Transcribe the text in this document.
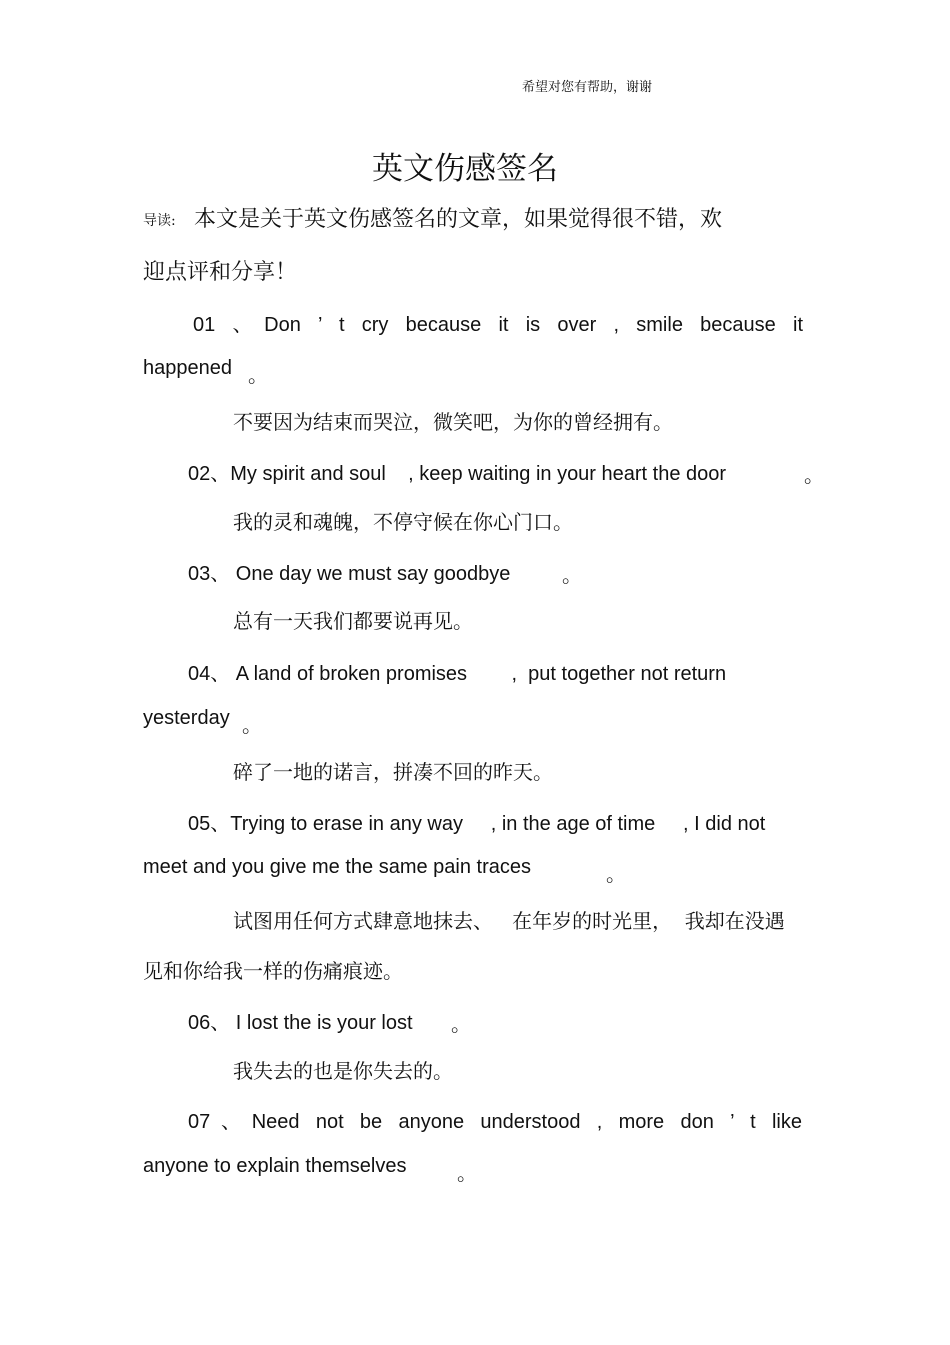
希望对您有帮助，谢谢
英文伤感签名
导读: 本文是关于英文伤感签名的文章，如果觉得很不错，欢
迎点评和分享！
01 、Don ’ t cry because it is over , smile because it
happened 。
不要因为结束而哭泣，微笑吧，为你的曾经拥有。
02、My spirit and soul    , keep waiting in your heart the door	。
我的灵和魂魄，不停守候在你心门口。
03、 One day we must say goodbye	。
总有一天我们都要说再见。
04、 A land of broken promises        ,  put together not return
yesterday 。
碎了一地的诺言，拼凑不回的昨天。
05、Trying to erase in any way     , in the age of time     , I did not
meet and you give me the same pain traces	。
试图用任何方式肆意地抹去、   在年岁的时光里，  我却在没遇
见和你给我一样的伤痛痕迹。
06、 I lost the is your lost 。
我失去的也是你失去的。
07、Need not be anyone understood , more don ’ t like
anyone to explain themselves	。
